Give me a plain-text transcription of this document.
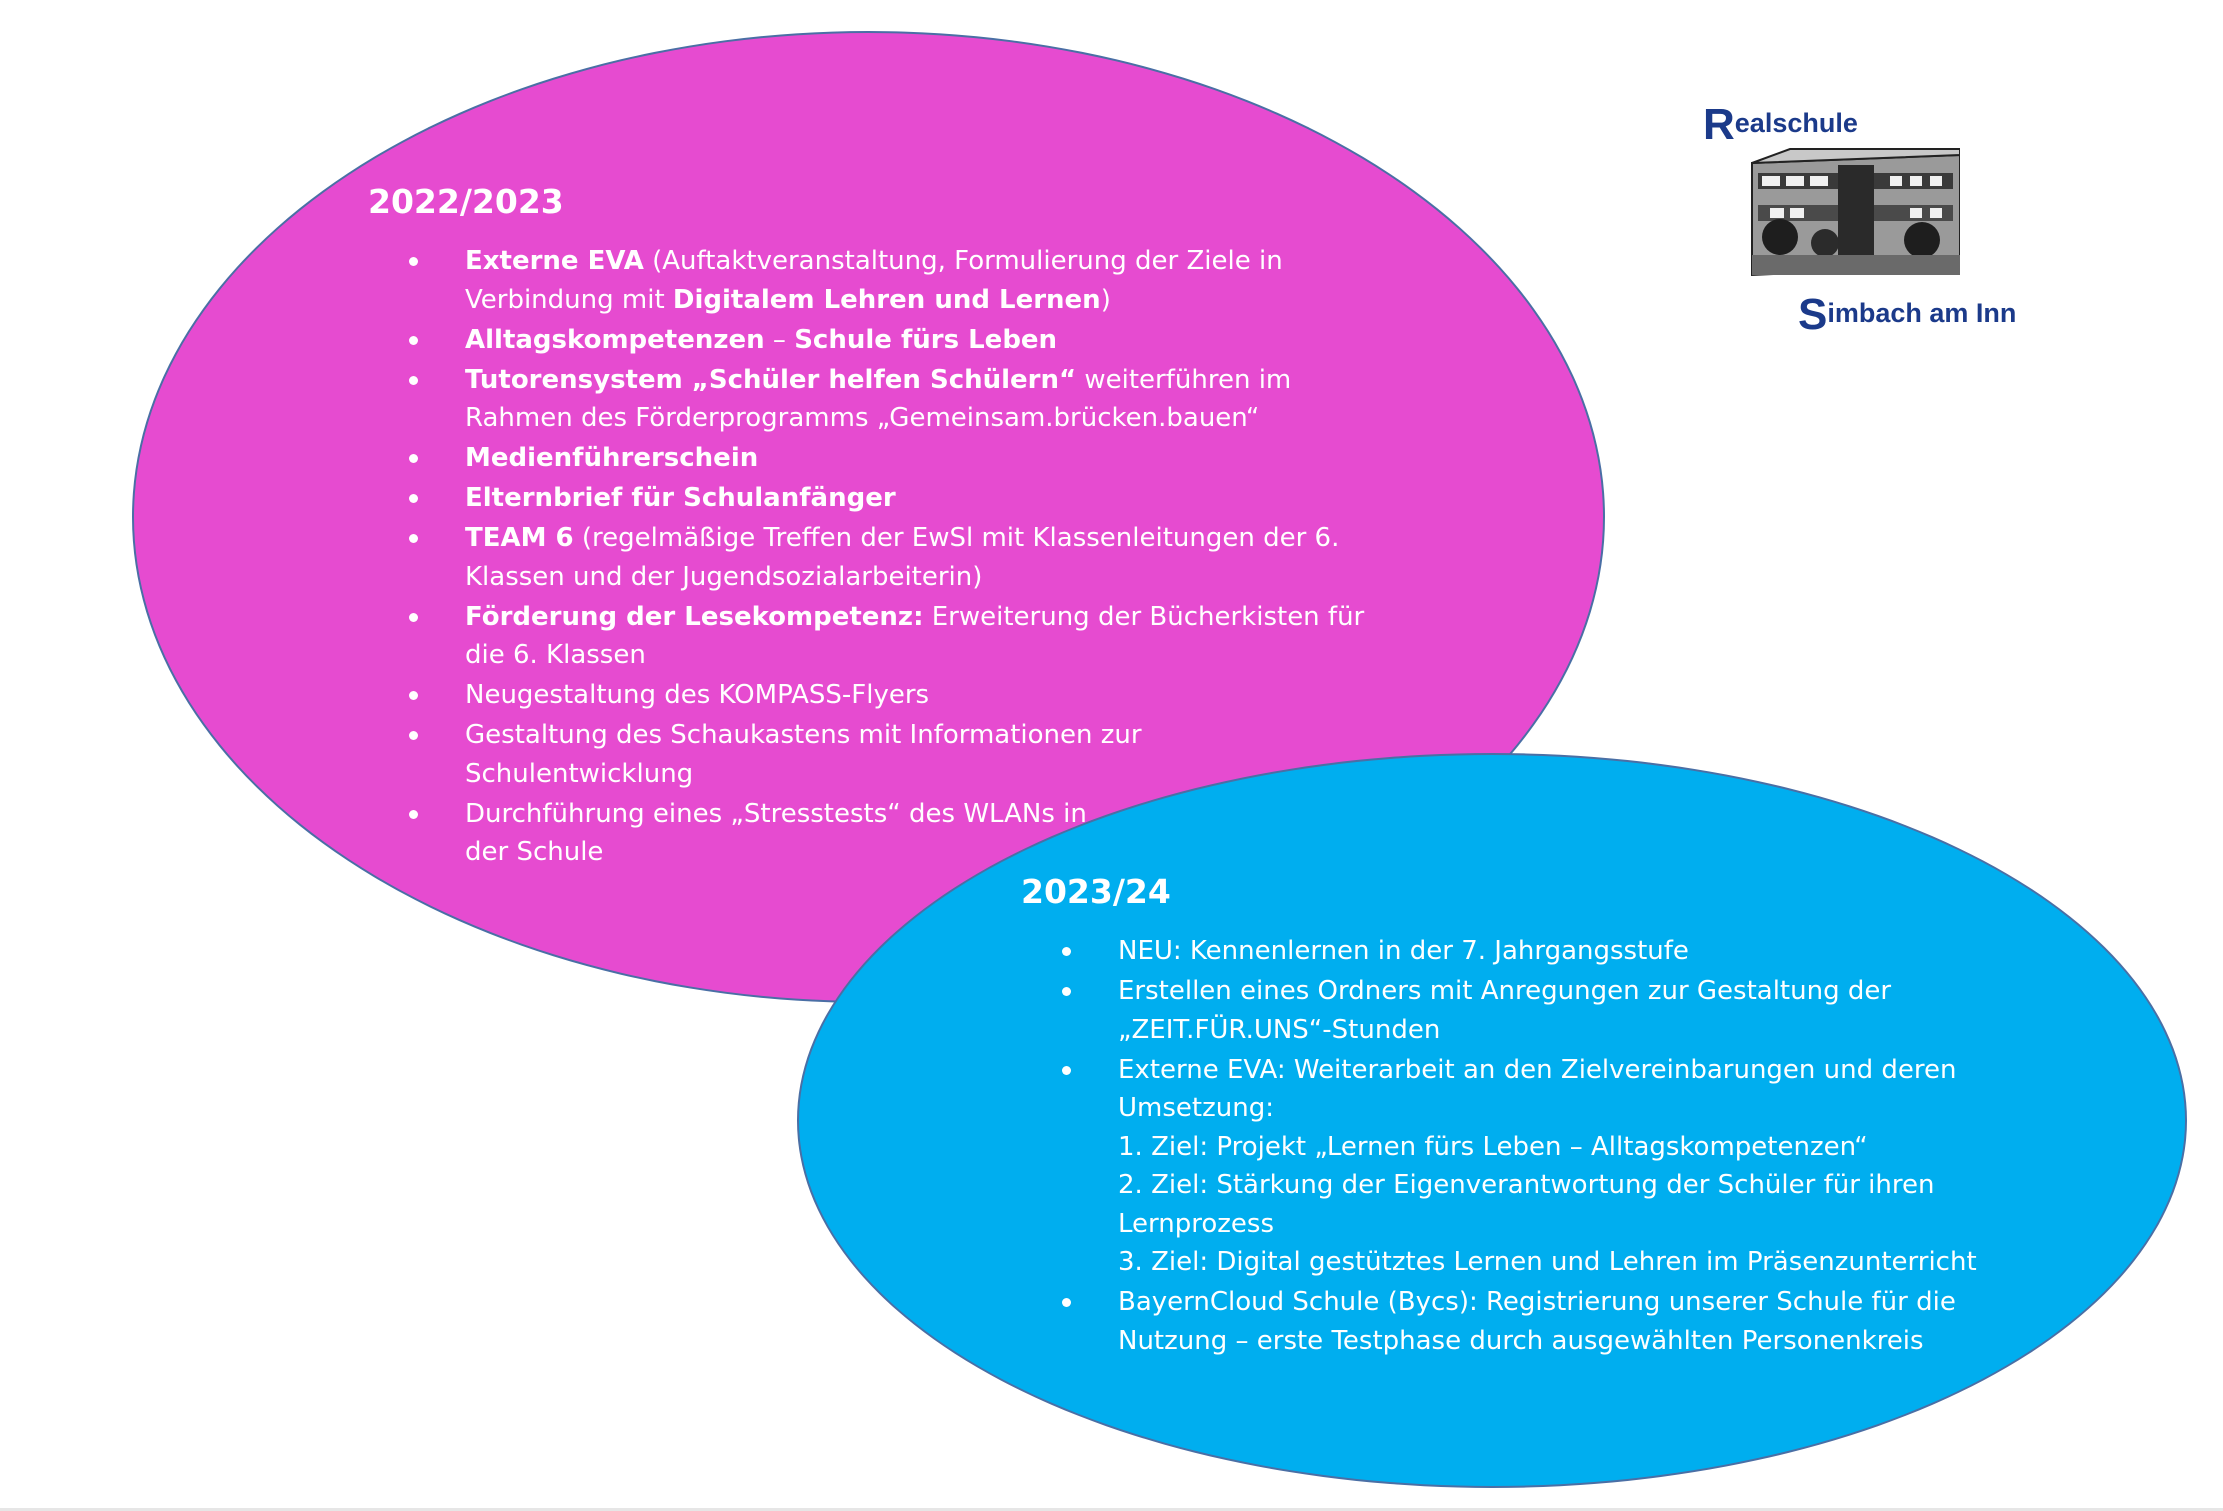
2022/2023
Externe EVA (Auftaktveranstaltung, Formulierung der Ziele in Verbindung mit Digitalem Lehren und Lernen)
Alltagskompetenzen – Schule fürs Leben
Tutorensystem „Schüler helfen Schülern“ weiterführen im Rahmen des Förderprogramms „Gemeinsam.brücken.bauen“
Medienführerschein
Elternbrief für Schulanfänger
TEAM 6 (regelmäßige Treffen der EwSl mit Klassenleitungen der 6. Klassen und der Jugendsozialarbeiterin)
Förderung der Lesekompetenz: Erweiterung der Bücherkisten für die 6. Klassen
Neugestaltung des KOMPASS-Flyers
Gestaltung des Schaukastens mit Informationen zur Schulentwicklung
Durchführung eines „Stresstests“ des WLANs in
der Schule
2023/24
NEU: Kennenlernen in der 7. Jahrgangsstufe
Erstellen eines Ordners mit Anregungen zur Gestaltung der „ZEIT.FÜR.UNS“-Stunden
Externe EVA: Weiterarbeit an den Zielvereinbarungen und deren Umsetzung:
1. Ziel: Projekt „Lernen fürs Leben – Alltagskompetenzen“
2. Ziel: Stärkung der Eigenverantwortung der Schüler für ihren Lernprozess
3. Ziel: Digital gestütztes Lernen und Lehren im Präsenzunterricht
BayernCloud Schule (Bycs): Registrierung unserer Schule für die Nutzung – erste Testphase durch ausgewählten Personenkreis
Realschule
Simbach am Inn
